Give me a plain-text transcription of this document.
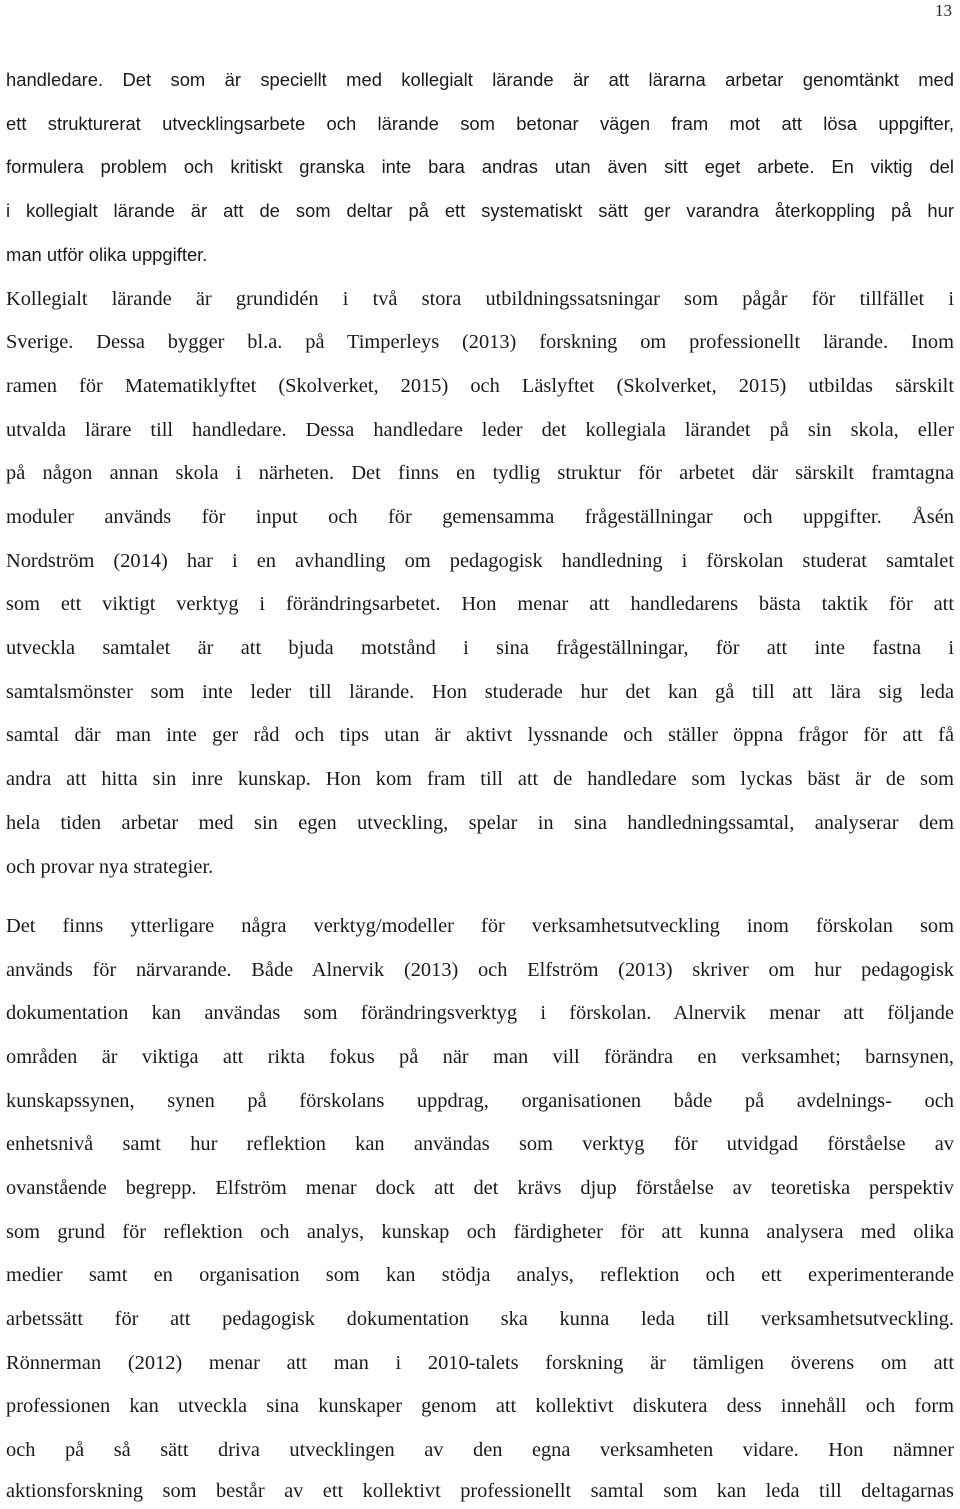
13
handledare. Det som är speciellt med kollegialt lärande är att lärarna arbetar genomtänkt med
ett strukturerat utvecklingsarbete och lärande som betonar vägen fram mot att lösa uppgifter,
formulera problem och kritiskt granska inte bara andras utan även sitt eget arbete. En viktig del
i kollegialt lärande är att de som deltar på ett systematiskt sätt ger varandra återkoppling på hur
man utför olika uppgifter.
Kollegialt lärande är grundidén i två stora utbildningssatsningar som pågår för tillfället i
Sverige. Dessa bygger bl.a. på Timperleys (2013) forskning om professionellt lärande. Inom
ramen för Matematiklyftet (Skolverket, 2015) och Läslyftet (Skolverket, 2015) utbildas särskilt
utvalda lärare till handledare. Dessa handledare leder det kollegiala lärandet på sin skola, eller
på någon annan skola i närheten. Det finns en tydlig struktur för arbetet där särskilt framtagna
moduler används för input och för gemensamma frågeställningar och uppgifter. Åsén
Nordström (2014) har i en avhandling om pedagogisk handledning i förskolan studerat samtalet
som ett viktigt verktyg i förändringsarbetet. Hon menar att handledarens bästa taktik för att
utveckla samtalet är att bjuda motstånd i sina frågeställningar, för att inte fastna i
samtalsmönster som inte leder till lärande. Hon studerade hur det kan gå till att lära sig leda
samtal där man inte ger råd och tips utan är aktivt lyssnande och ställer öppna frågor för att få
andra att hitta sin inre kunskap. Hon kom fram till att de handledare som lyckas bäst är de som
hela tiden arbetar med sin egen utveckling, spelar in sina handledningssamtal, analyserar dem
och provar nya strategier.
Det finns ytterligare några verktyg/modeller för verksamhetsutveckling inom förskolan som
används för närvarande. Både Alnervik (2013) och Elfström (2013) skriver om hur pedagogisk
dokumentation kan användas som förändringsverktyg i förskolan. Alnervik menar att följande
områden är viktiga att rikta fokus på när man vill förändra en verksamhet; barnsynen,
kunskapssynen, synen på förskolans uppdrag, organisationen både på avdelnings- och
enhetsnivå samt hur reflektion kan användas som verktyg för utvidgad förståelse av
ovanstående begrepp. Elfström menar dock att det krävs djup förståelse av teoretiska perspektiv
som grund för reflektion och analys, kunskap och färdigheter för att kunna analysera med olika
medier samt en organisation som kan stödja analys, reflektion och ett experimenterande
arbetssätt för att pedagogisk dokumentation ska kunna leda till verksamhetsutveckling.
Rönnerman (2012) menar att man i 2010-talets forskning är tämligen överens om att
professionen kan utveckla sina kunskaper genom att kollektivt diskutera dess innehåll och form
och på så sätt driva utvecklingen av den egna verksamheten vidare. Hon nämner
aktionsforskning som består av ett kollektivt professionellt samtal som kan leda till deltagarnas
